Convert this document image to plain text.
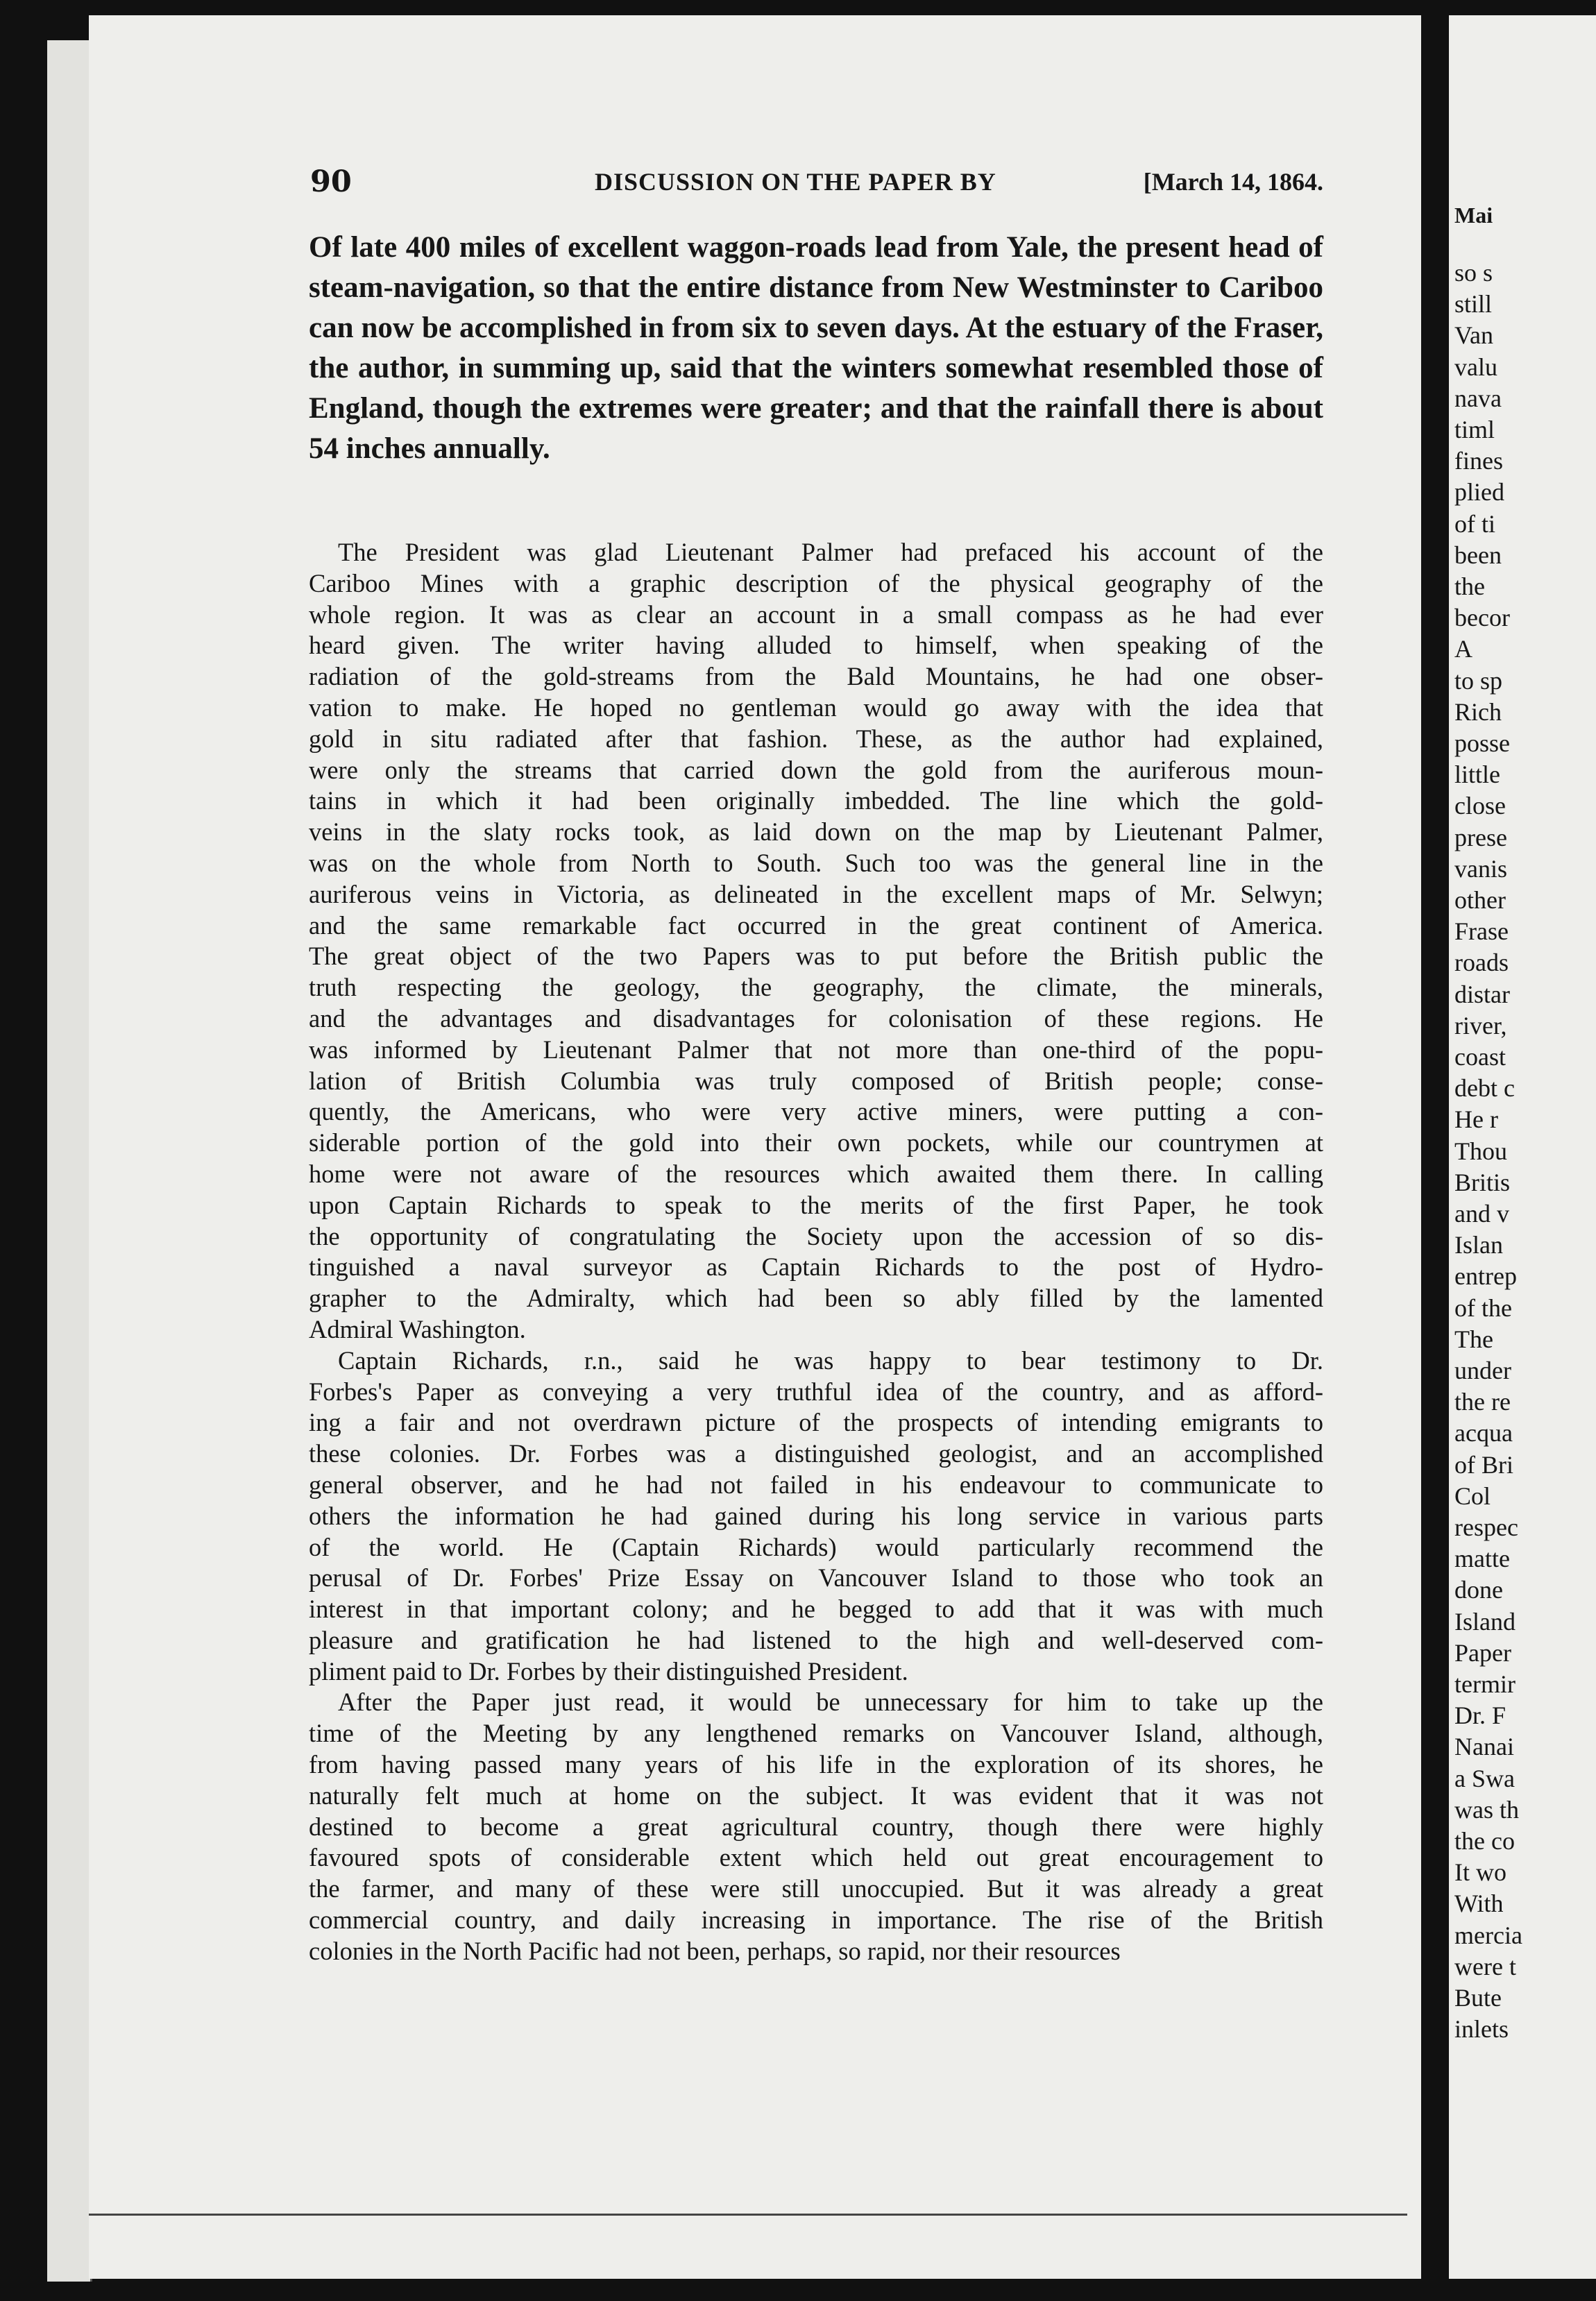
90	DISCUSSION ON THE PAPER BY	[March 14, 1864.

Of late 400 miles of excellent waggon-roads lead from Yale, the present head of steam-navigation, so that the entire distance from New Westminster to Cariboo can now be accomplished in from six to seven days. At the estuary of the Fraser, the author, in summing up, said that the winters somewhat resembled those of England, though the extremes were greater; and that the rainfall there is about 54 inches annually.

The President was glad Lieutenant Palmer had prefaced his account of the
Cariboo Mines with a graphic description of the physical geography of the
whole region. It was as clear an account in a small compass as he had ever
heard given. The writer having alluded to himself, when speaking of the
radiation of the gold-streams from the Bald Mountains, he had one obser-
vation to make. He hoped no gentleman would go away with the idea that
gold in situ radiated after that fashion. These, as the author had explained,
were only the streams that carried down the gold from the auriferous moun-
tains in which it had been originally imbedded. The line which the gold-
veins in the slaty rocks took, as laid down on the map by Lieutenant Palmer,
was on the whole from North to South. Such too was the general line in the
auriferous veins in Victoria, as delineated in the excellent maps of Mr. Selwyn;
and the same remarkable fact occurred in the great continent of America.
The great object of the two Papers was to put before the British public the
truth respecting the geology, the geography, the climate, the minerals,
and the advantages and disadvantages for colonisation of these regions. He
was informed by Lieutenant Palmer that not more than one-third of the popu-
lation of British Columbia was truly composed of British people; conse-
quently, the Americans, who were very active miners, were putting a con-
siderable portion of the gold into their own pockets, while our countrymen at
home were not aware of the resources which awaited them there. In calling
upon Captain Richards to speak to the merits of the first Paper, he took
the opportunity of congratulating the Society upon the accession of so dis-
tinguished a naval surveyor as Captain Richards to the post of Hydro-
grapher to the Admiralty, which had been so ably filled by the lamented
Admiral Washington.
Captain Richards, r.n., said he was happy to bear testimony to Dr.
Forbes's Paper as conveying a very truthful idea of the country, and as afford-
ing a fair and not overdrawn picture of the prospects of intending emigrants to
these colonies. Dr. Forbes was a distinguished geologist, and an accomplished
general observer, and he had not failed in his endeavour to communicate to
others the information he had gained during his long service in various parts
of the world. He (Captain Richards) would particularly recommend the
perusal of Dr. Forbes' Prize Essay on Vancouver Island to those who took an
interest in that important colony; and he begged to add that it was with much
pleasure and gratification he had listened to the high and well-deserved com-
pliment paid to Dr. Forbes by their distinguished President.
After the Paper just read, it would be unnecessary for him to take up the
time of the Meeting by any lengthened remarks on Vancouver Island, although,
from having passed many years of his life in the exploration of its shores, he
naturally felt much at home on the subject. It was evident that it was not
destined to become a great agricultural country, though there were highly
favoured spots of considerable extent which held out great encouragement to
the farmer, and many of these were still unoccupied. But it was already a great
commercial country, and daily increasing in importance. The rise of the British
colonies in the North Pacific had not been, perhaps, so rapid, nor their resources
Mai
so s
still
Van
valu
nava
timl
fines
plied
of ti
been
the
becor
A
to sp
Rich
posse
little
close
prese
vanis
other
Frase
roads
distar
river,
coast
debt c
He r
Thou
Britis
and v
Islan
entrep
of the
The
under
the re
acqua
of Bri
Col
respec
matte
done
Island
Paper
termir
Dr. F
Nanai
a Swa
was th
the co
It wo
With
mercia
were t
Bute
inlets
